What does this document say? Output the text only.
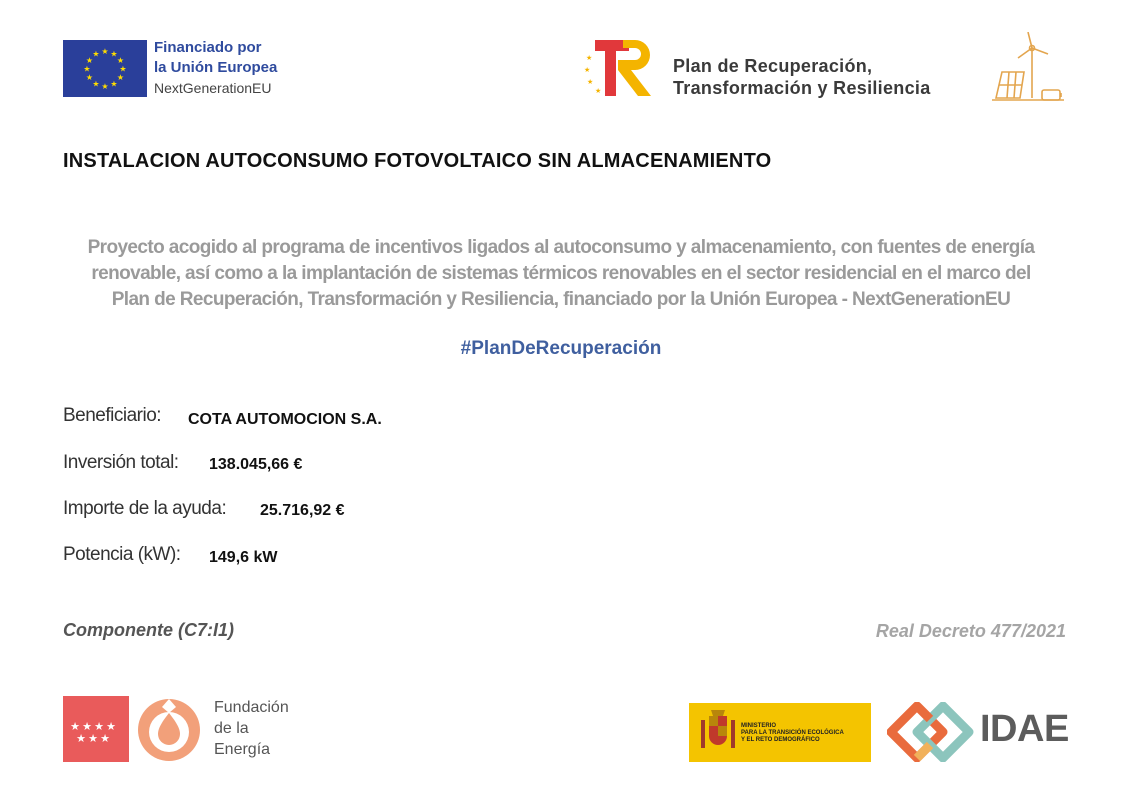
★ ★
★
★
★
★
★
★
★
★
★
★	Financiado por
la Unión Europea
NextGenerationEU
★
★
★
★
Plan de Recuperación,
Transformación y Resiliencia
INSTALACION AUTOCONSUMO FOTOVOLTAICO SIN ALMACENAMIENTO
Proyecto acogido al programa de incentivos ligados al autoconsumo y almacenamiento, con fuentes de energía
renovable, así como a la implantación de sistemas térmicos renovables en el sector residencial en el marco del
Plan de Recuperación, Transformación y Resiliencia, financiado por la Unión Europea - NextGenerationEU
#PlanDeRecuperación
Beneficiario: COTA AUTOMOCION S.A.
Inversión total: 138.045,66 €
Importe de la ayuda: 25.716,92 €
Potencia (kW): 149,6 kW
Componente (C7:I1)	Real Decreto 477/2021
★ ★ ★ ★
★ ★ ★
Fundación
de la
Energía
MINISTERIO
PARA LA TRANSICIÓN ECOLÓGICA
Y EL RETO DEMOGRÁFICO	IDAE
